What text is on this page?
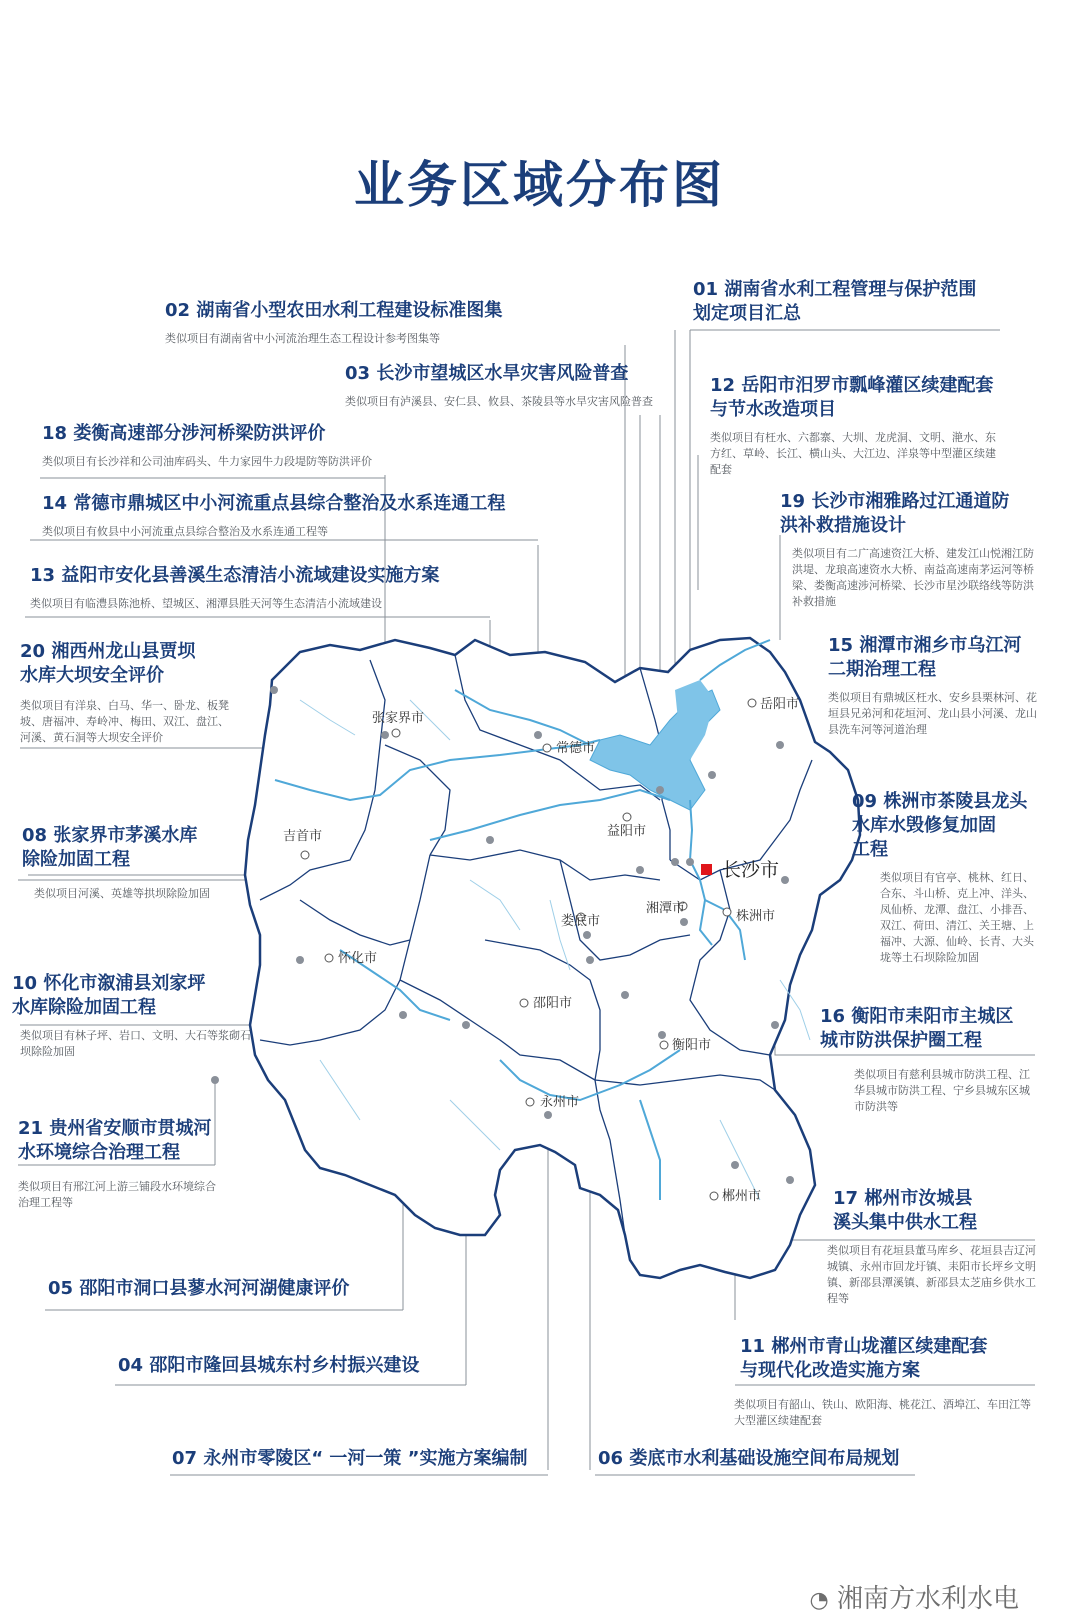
业务区域分布图
张家界市
常德市
岳阳市
吉首市	益阳市
长沙市
湘潭市
株洲市
娄底市
怀化市
邵阳市
衡阳市
永州市
郴州市
01 湖南省水利工程管理与保护范围
划定项目汇总
02 湖南省小型农田水利工程建设标准图集
类似项目有湖南省中小河流治理生态工程设计参考图集等
03 长沙市望城区水旱灾害风险普查
类似项目有泸溪县、安仁县、攸县、茶陵县等水旱灾害风险普查
12 岳阳市汨罗市瓢峰灌区续建配套
与节水改造项目
类似项目有枉水、六都寨、大圳、龙虎洞、文明、滟水、东方红、草岭、长江、横山头、大江边、洋泉等中型灌区续建配套
18 娄衡高速部分涉河桥梁防洪评价
类似项目有长沙祥和公司油库码头、牛力家园牛力段堤防等防洪评价
19 长沙市湘雅路过江通道防
洪补救措施设计
类似项目有二广高速资江大桥、建发江山悦湘江防洪堤、龙琅高速资水大桥、南益高速南茅运河等桥梁、娄衡高速涉河桥梁、长沙市星沙联络线等防洪补救措施
14 常德市鼎城区中小河流重点县综合整治及水系连通工程
类似项目有攸县中小河流重点县综合整治及水系连通工程等
13 益阳市安化县善溪生态清洁小流域建设实施方案
类似项目有临澧县陈池桥、望城区、湘潭县胜天河等生态清洁小流域建设
15 湘潭市湘乡市乌江河
二期治理工程
类似项目有鼎城区枉水、安乡县栗林河、花垣县兄弟河和花垣河、龙山县小河溪、龙山县洗车河等河道治理
20 湘西州龙山县贾坝
水库大坝安全评价
类似项目有洋泉、白马、华一、卧龙、板凳坡、唐福冲、寿岭冲、梅田、双江、盘江、河溪、黄石洞等大坝安全评价
09 株洲市茶陵县龙头
水库水毁修复加固
工程
类似项目有官亭、桃林、红日、合东、斗山桥、克上冲、洋头、凤仙桥、龙潭、盘江、小排吾、双江、荷田、清江、关王塘、上福冲、大源、仙岭、长青、大头垅等土石坝除险加固
08 张家界市茅溪水库
除险加固工程
类似项目河溪、英雄等拱坝除险加固
10 怀化市溆浦县刘家坪
水库除险加固工程
类似项目有林子坪、岩口、文明、大石等浆砌石坝除险加固
16 衡阳市耒阳市主城区
城市防洪保护圈工程
类似项目有慈利县城市防洪工程、江华县城市防洪工程、宁乡县城东区城市防洪等
21 贵州省安顺市贯城河
水环境综合治理工程
类似项目有邢江河上游三铺段水环境综合治理工程等	17 郴州市汝城县
溪头集中供水工程
类似项目有花垣县董马库乡、花垣县吉辽河城镇、永州市回龙圩镇、耒阳市长坪乡文明镇、新邵县潭溪镇、新邵县太芝庙乡供水工程等
05 邵阳市洞口县蓼水河河湖健康评价
11 郴州市青山垅灌区续建配套
与现代化改造实施方案
类似项目有韶山、铁山、欧阳海、桃花江、酒埠江、车田江等大型灌区续建配套
04 邵阳市隆回县城东村乡村振兴建设
07 永州市零陵区“ 一河一策 ”实施方案编制	06 娄底市水利基础设施空间布局规划
◔ 湘南方水利水电
